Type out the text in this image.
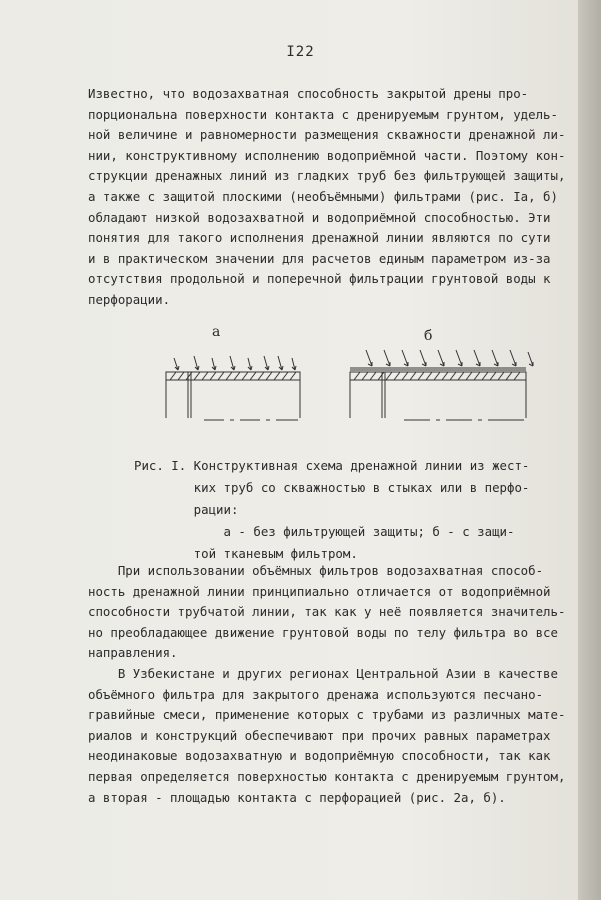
I22
Известно, что водозахватная способность закрытой дрены про-
порциональна поверхности контакта с дренируемым грунтом, удель-
ной величине и равномерности размещения скважности дренажной ли-
нии, конструктивному исполнению водоприёмной части. Поэтому кон-
струкции дренажных линий из гладких труб без фильтрующей защиты,
а также с защитой плоскими (необъёмными) фильтрами (рис. Iа, б)
обладают низкой водозахватной и водоприёмной способностью. Эти
понятия для такого исполнения дренажной линии являются по сути
и в практическом значении для расчетов единым параметром из-за
отсутствия продольной и поперечной фильтрации грунтовой воды к
перфорации.
а	б
Рис. I. Конструктивная схема дренажной линии из жест-
ких труб со скважностью в стыках или в перфо-
рации:
а - без фильтрующей защиты; б - с защи-
той тканевым фильтром.
При использовании объёмных фильтров водозахватная способ-
ность дренажной линии принципиально отличается от водоприёмной
способности трубчатой линии, так как у неё появляется значитель-
но преобладающее движение грунтовой воды по телу фильтра во все
направления.
В Узбекистане и других регионах Центральной Азии в качестве
объёмного фильтра для закрытого дренажа используются песчано-
гравийные смеси, применение которых с трубами из различных мате-
риалов и конструкций обеспечивают при прочих равных параметрах
неодинаковые водозахватную и водоприёмную способности, так как
первая определяется поверхностью контакта с дренируемым грунтом,
а вторая - площадью контакта с перфорацией (рис. 2а, б).
